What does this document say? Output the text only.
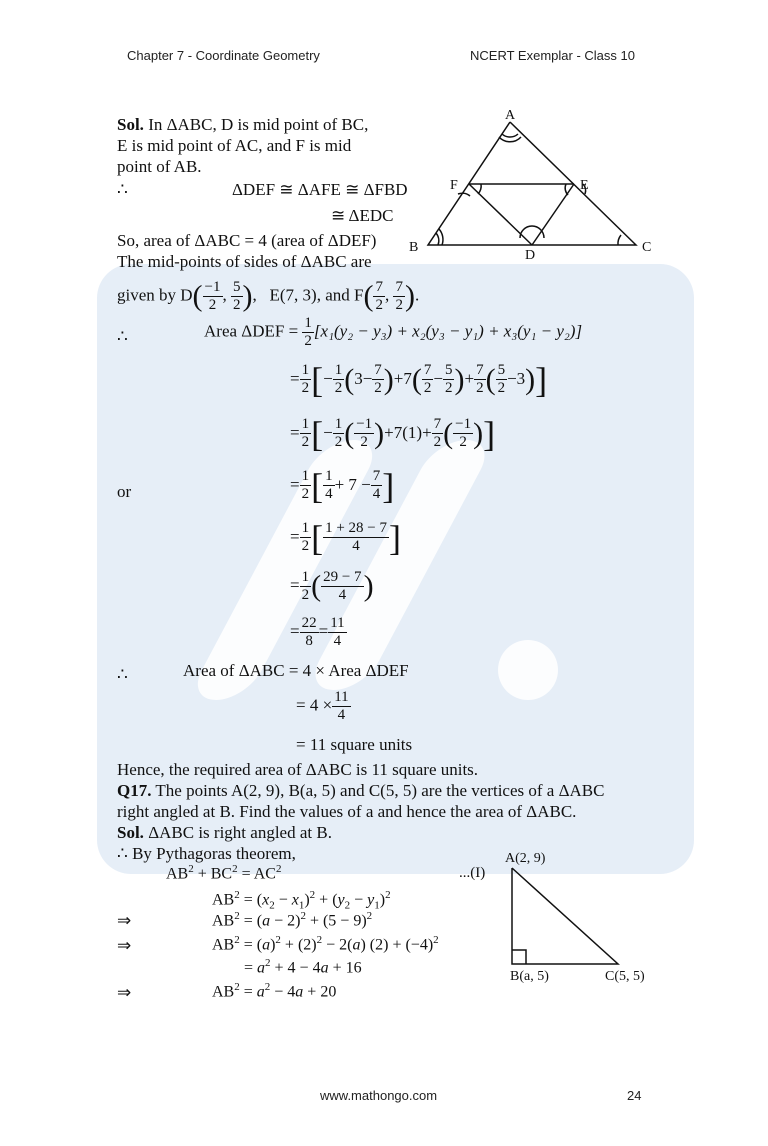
Chapter 7 - Coordinate Geometry	NCERT Exemplar - Class 10
Sol. In ΔABC, D is mid point of BC,
E is mid point of AC, and F is mid
point of AB.
∴	ΔDEF ≅ ΔAFE ≅ ΔFBD
≅ ΔEDC
So, area of ΔABC = 4 (area of ΔDEF)
The mid-points of sides of ΔABC are
A
F	E
B
D
C
given by $D( \frac{-1}{2}$ , $\frac{5}{2}$ ),   E(7, 3), and $F( \frac{7}{2}$ , $\frac{7}{2}$ ).
∴	Area $\Delta DEF = \frac{1}{2} [x_1(y_2 - y_3) + x_2(y_3 - y_1) + x_3(y_1 - y_2)]$
= $\frac{1}{2}$ [− $\frac{1}{2} (3- \frac{7}{2} )+7( \frac{7}{2} - \frac{5}{2}$ )+ $\frac{7}{2}$ ( $\frac{5}{2} -3$)]
= $\frac{1}{2}$ [− $\frac{1}{2}$ ( $\frac{-1}{2} )+7(1)+ \frac{7}{2}$ ( $\frac{-1}{2}$ )]
or	= $\frac{1}{2}$ [ $\frac{1}{4} + 7 - \frac{7}{4}$ ]
= $\frac{1}{2}$ [ $\frac{1 + 28 - 7}{4}$ ]
= $\frac{1}{2}$ ( $\frac{29 - 7}{4}$ )
= $\frac{22}{8} = \frac{11}{4}$
∴	Area of ΔABC = 4 × Area ΔDEF
= $4 \times \frac{11}{4}$
= 11 square units
Hence, the required area of ΔABC is 11 square units.
Q17. The points A(2, 9), B(a, 5) and C(5, 5) are the vertices of a ΔABC
right angled at B. Find the values of a and hence the area of ΔABC.
Sol. ΔABC is right angled at B.
∴ By Pythagoras theorem,
$AB^2 + BC^2 = AC^2$	...(I)
$AB^2 = (x_2 - x_1)^2 + (y_2 - y_1)^2$
⇒	$AB^2 = (a - 2)^2 + (5 - 9)^2$
⇒	$AB^2 = (a)^2 + (2)^2 - 2(a) (2) + (-4)^2$
= $a^2 + 4 - 4a + 16$
⇒	$AB^2 = a^2 - 4a + 20$
A(2, 9)
B(a, 5)	C(5, 5)
www.mathongo.com	24
